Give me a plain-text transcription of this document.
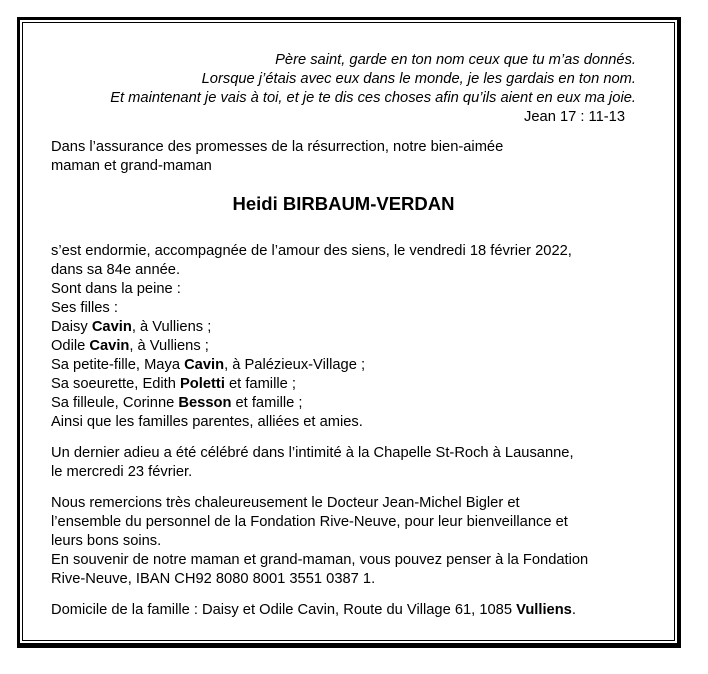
Père saint, garde en ton nom ceux que tu m’as donnés.
Lorsque j’étais avec eux dans le monde, je les gardais en ton nom.
Et maintenant je vais à toi, et je te dis ces choses afin qu’ils aient en eux ma joie.
Jean 17 : 11-13
Dans l’assurance des promesses de la résurrection, notre bien-aimée
maman et grand-maman
Heidi BIRBAUM-VERDAN
s’est endormie, accompagnée de l’amour des siens, le vendredi 18 février 2022,
dans sa 84e année.
Sont dans la peine :
Ses filles :
Daisy Cavin, à Vulliens ;
Odile Cavin, à Vulliens ;
Sa petite-fille, Maya Cavin, à Palézieux-Village ;
Sa soeurette, Edith Poletti et famille ;
Sa filleule, Corinne Besson et famille ;
Ainsi que les familles parentes, alliées et amies.
Un dernier adieu a été célébré dans l’intimité à la Chapelle St-Roch à Lausanne,
le mercredi 23 février.
Nous remercions très chaleureusement le Docteur Jean-Michel Bigler et
l’ensemble du personnel de la Fondation Rive-Neuve, pour leur bienveillance et
leurs bons soins.
En souvenir de notre maman et grand-maman, vous pouvez penser à la Fondation
Rive-Neuve, IBAN CH92 8080 8001 3551 0387 1.
Domicile de la famille : Daisy et Odile Cavin, Route du Village 61, 1085 Vulliens.
